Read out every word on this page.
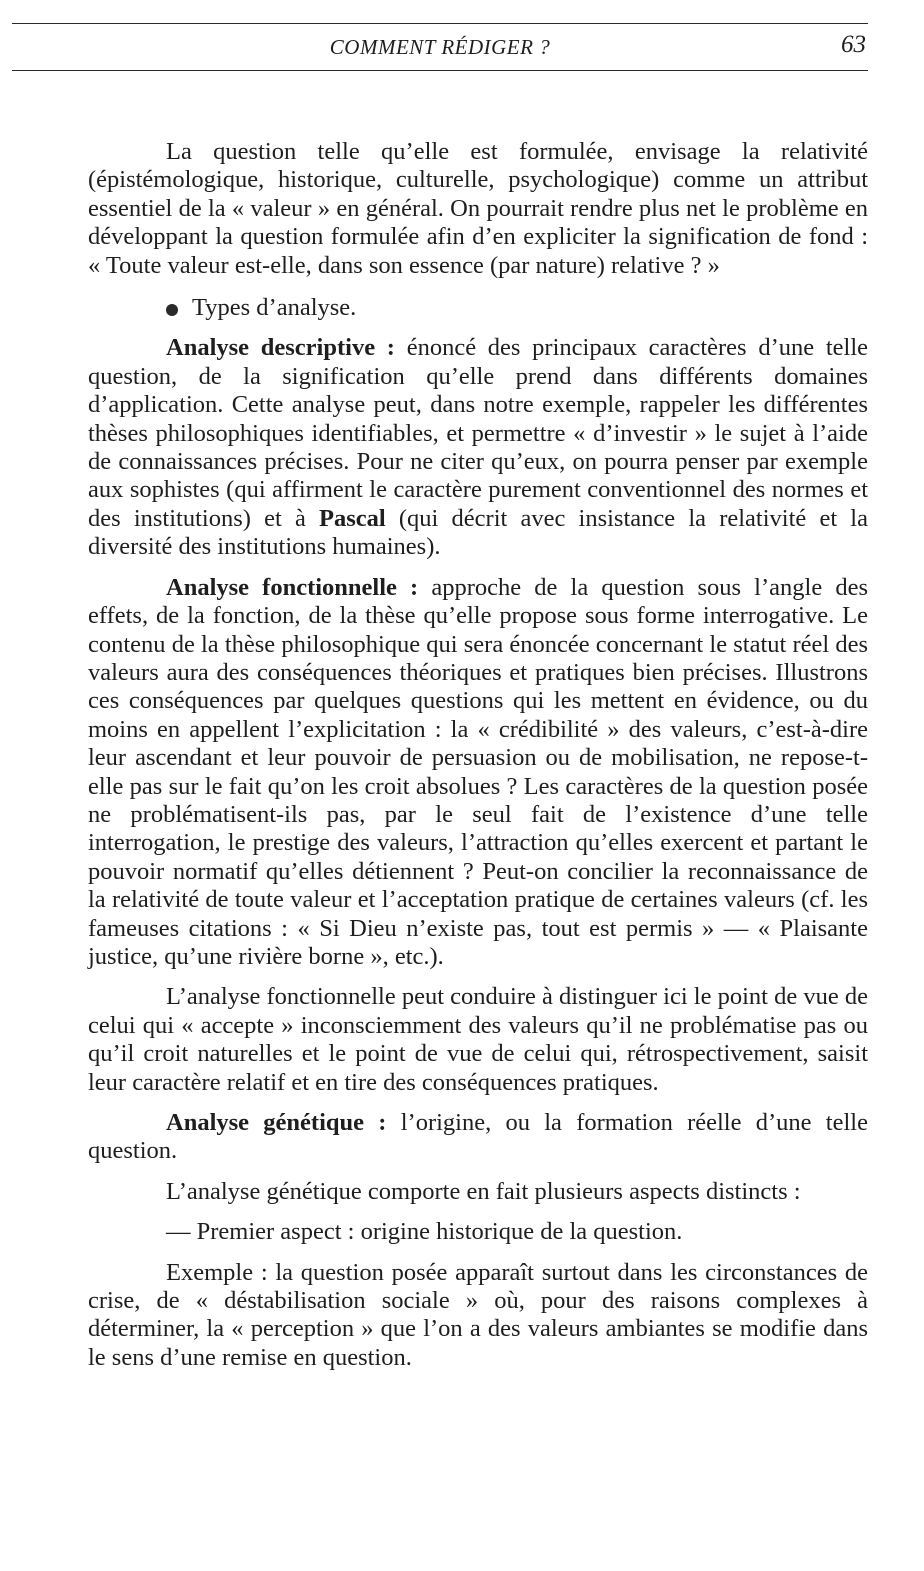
COMMENT RÉDIGER ?	63

La question telle qu’elle est formulée, envisage la relativité (épistémologique, historique, culturelle, psychologique) comme un attribut essentiel de la « valeur » en général. On pourrait rendre plus net le problème en développant la question formulée afin d’en expliciter la signification de fond : « Toute valeur est-elle, dans son essence (par nature) relative ? »

Types d’analyse.

Analyse descriptive : énoncé des principaux caractères d’une telle question, de la signification qu’elle prend dans différents domaines d’application. Cette analyse peut, dans notre exemple, rappeler les différentes thèses philosophiques identifiables, et permettre « d’investir » le sujet à l’aide de connaissances précises. Pour ne citer qu’eux, on pourra penser par exemple aux sophistes (qui affirment le caractère purement conventionnel des normes et des institutions) et à Pascal (qui décrit avec insistance la relativité et la diversité des institutions humaines).

Analyse fonctionnelle : approche de la question sous l’angle des effets, de la fonction, de la thèse qu’elle propose sous forme interrogative. Le contenu de la thèse philosophique qui sera énoncée concernant le statut réel des valeurs aura des conséquences théoriques et pratiques bien précises. Illustrons ces conséquences par quelques questions qui les mettent en évidence, ou du moins en appellent l’explicitation : la « crédibilité » des valeurs, c’est-à-dire leur ascendant et leur pouvoir de persuasion ou de mobilisation, ne repose-t-elle pas sur le fait qu’on les croit absolues ? Les caractères de la question posée ne problématisent-ils pas, par le seul fait de l’existence d’une telle interrogation, le prestige des valeurs, l’attraction qu’elles exercent et partant le pouvoir normatif qu’elles détiennent ? Peut-on concilier la reconnaissance de la relativité de toute valeur et l’acceptation pratique de certaines valeurs (cf. les fameuses citations : « Si Dieu n’existe pas, tout est permis » — « Plaisante justice, qu’une rivière borne », etc.).

L’analyse fonctionnelle peut conduire à distinguer ici le point de vue de celui qui « accepte » inconsciemment des valeurs qu’il ne problématise pas ou qu’il croit naturelles et le point de vue de celui qui, rétrospectivement, saisit leur caractère relatif et en tire des conséquences pratiques.

Analyse génétique : l’origine, ou la formation réelle d’une telle question.

L’analyse génétique comporte en fait plusieurs aspects distincts :

— Premier aspect : origine historique de la question.

Exemple : la question posée apparaît surtout dans les circonstances de crise, de « déstabilisation sociale » où, pour des raisons complexes à déterminer, la « perception » que l’on a des valeurs ambiantes se modifie dans le sens d’une remise en question.
